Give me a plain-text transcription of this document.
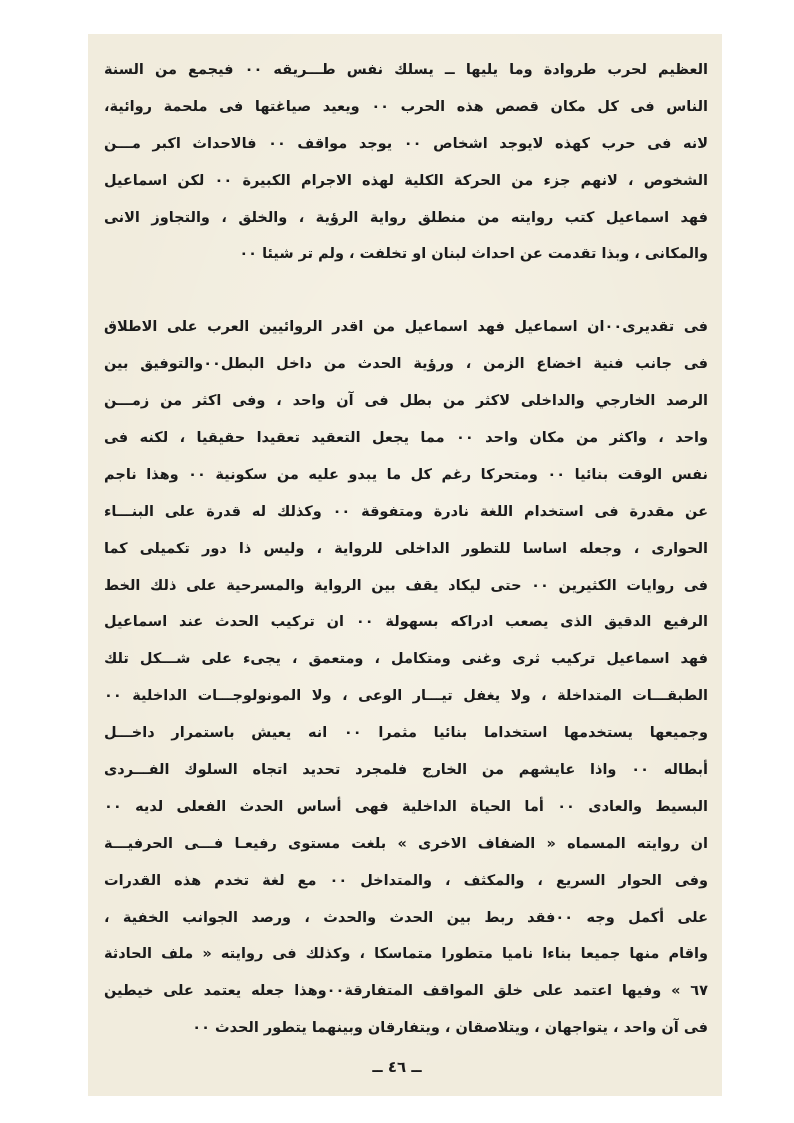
العظيم لحرب طروادة وما يليها ــ يسلك نفس طـــريقه ٠٠ فيجمع من السنة
الناس فى كل مكان قصص هذه الحرب ٠٠ ويعيد صياغتها فى ملحمة روائية،
لانه فى حرب كهذه لايوجد اشخاص ٠٠ يوجد مواقف ٠٠ فالاحداث اكبر مـــن
الشخوص ، لانهم جزء من الحركة الكلية لهذه الاجرام الكبيرة ٠٠ لكن اسماعيل
فهد اسماعيل كتب روايته من منطلق رواية الرؤية ، والخلق ، والتجاوز الانى
والمكانى ، وبذا تقدمت عن احداث لبنان او تخلفت ، ولم تر شيئا ٠٠
فى تقديرى٠٠ان اسماعيل فهد اسماعيل من اقدر الروائيين العرب على الاطلاق
فى جانب فنية اخضاع الزمن ، ورؤية الحدث من داخل البطل٠٠والتوفيق بين
الرصد الخارجي والداخلى لاكثر من بطل فى آن واحد ، وفى اكثر من زمـــن
واحد ، واكثر من مكان واحد ٠٠ مما يجعل التعقيد تعقيدا حقيقيا ، لكنه فى
نفس الوقت بنائيا ٠٠ ومتحركا رغم كل ما يبدو عليه من سكونية ٠٠ وهذا ناجم
عن مقدرة فى استخدام اللغة نادرة ومتفوقة ٠٠ وكذلك له قدرة على البنـــاء
الحوارى ، وجعله اساسا للتطور الداخلى للرواية ، وليس ذا دور تكميلى كما
فى روايات الكثيرين ٠٠ حتى ليكاد يقف بين الرواية والمسرحية على ذلك الخط
الرفيع الدقيق الذى يصعب ادراكه بسهولة ٠٠ ان تركيب الحدث عند اسماعيل
فهد اسماعيل تركيب ثرى وغنى ومتكامل ، ومتعمق ، يجىء على شـــكل تلك
الطبقـــات المتداخلة ، ولا يغفل تيـــار الوعى ، ولا المونولوجـــات الداخلية ٠٠
وجميعها يستخدمها استخداما بنائيا مثمرا ٠٠ انه يعيش باستمرار داخـــل
أبطاله ٠٠ واذا عايشهم من الخارج فلمجرد تحديد اتجاه السلوك الفـــردى
البسيط والعادى ٠٠ أما الحياة الداخلية فهى أساس الحدث الفعلى لديه ٠٠
ان روايته المسماه « الضفاف الاخرى » بلغت مستوى رفيعـا فـــى الحرفيـــة
وفى الحوار السريع ، والمكثف ، والمتداخل ٠٠ مع لغة تخدم هذه القدرات
على أكمل وجه ٠٠فقد ربط بين الحدث والحدث ، ورصد الجوانب الخفية ،
واقام منها جميعا بناءا ناميا متطورا متماسكا ، وكذلك فى روايته « ملف الحادثة
٦٧ » وفيها اعتمد على خلق المواقف المتفارقة٠٠وهذا جعله يعتمد على خيطين
فى آن واحد ، يتواجهان ، ويتلاصقان ، ويتفارقان وبينهما يتطور الحدث ٠٠
ــ ٤٦ ــ
